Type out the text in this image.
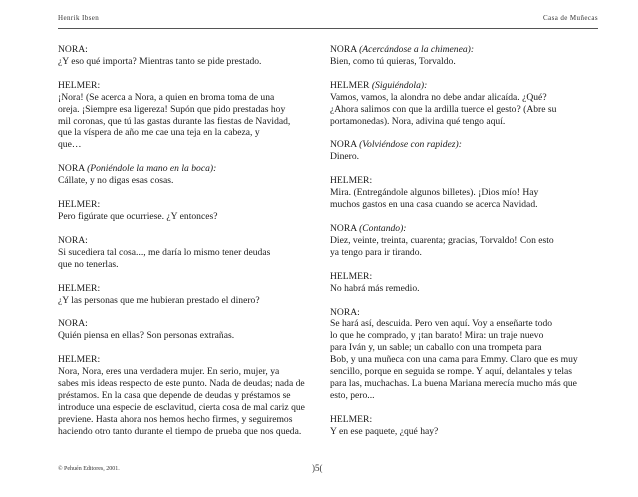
Henrik Ibsen	Casa de Muñecas
NORA:
¿Y eso qué importa? Mientras tanto se pide prestado.
HELMER:
¡Nora! (Se acerca a Nora, a quien en broma toma de una
oreja. ¡Siempre esa ligereza! Supón que pido prestadas hoy
mil coronas, que tú las gastas durante las fiestas de Navidad,
que la víspera de año me cae una teja en la cabeza, y
que…
NORA (Poniéndole la mano en la boca):
Cállate, y no digas esas cosas.
HELMER:
Pero figúrate que ocurriese. ¿Y entonces?
NORA:
Si sucediera tal cosa..., me daría lo mismo tener deudas
que no tenerlas.
HELMER:
¿Y las personas que me hubieran prestado el dinero?
NORA:
Quién piensa en ellas? Son personas extrañas.
HELMER:
Nora, Nora, eres una verdadera mujer. En serio, mujer, ya
sabes mis ideas respecto de este punto. Nada de deudas; nada de
préstamos. En la casa que depende de deudas y préstamos se
introduce una especie de esclavitud, cierta cosa de mal cariz que
previene. Hasta ahora nos hemos hecho firmes, y seguiremos
haciendo otro tanto durante el tiempo de prueba que nos queda.
NORA (Acercándose a la chimenea):
Bien, como tú quieras, Torvaldo.
HELMER (Siguiéndola):
Vamos, vamos, la alondra no debe andar alicaída. ¿Qué?
¿Ahora salimos con que la ardilla tuerce el gesto? (Abre su
portamonedas). Nora, adivina qué tengo aquí.
NORA (Volviéndose con rapidez):
Dinero.
HELMER:
Mira. (Entregándole algunos billetes). ¡Dios mío! Hay
muchos gastos en una casa cuando se acerca Navidad.
NORA (Contando):
Diez, veinte, treinta, cuarenta; gracias, Torvaldo! Con esto
ya tengo para ir tirando.
HELMER:
No habrá más remedio.
NORA:
Se hará así, descuida. Pero ven aquí. Voy a enseñarte todo
lo que he comprado, y ¡tan barato! Mira: un traje nuevo
para Iván y, un sable; un caballo con una trompeta para
Bob, y una muñeca con una cama para Emmy. Claro que es muy
sencillo, porque en seguida se rompe. Y aquí, delantales y telas
para las, muchachas. La buena Mariana merecía mucho más que
esto, pero...
HELMER:
Y en ese paquete, ¿qué hay?
© Pehuén Editores, 2001.	)5(
